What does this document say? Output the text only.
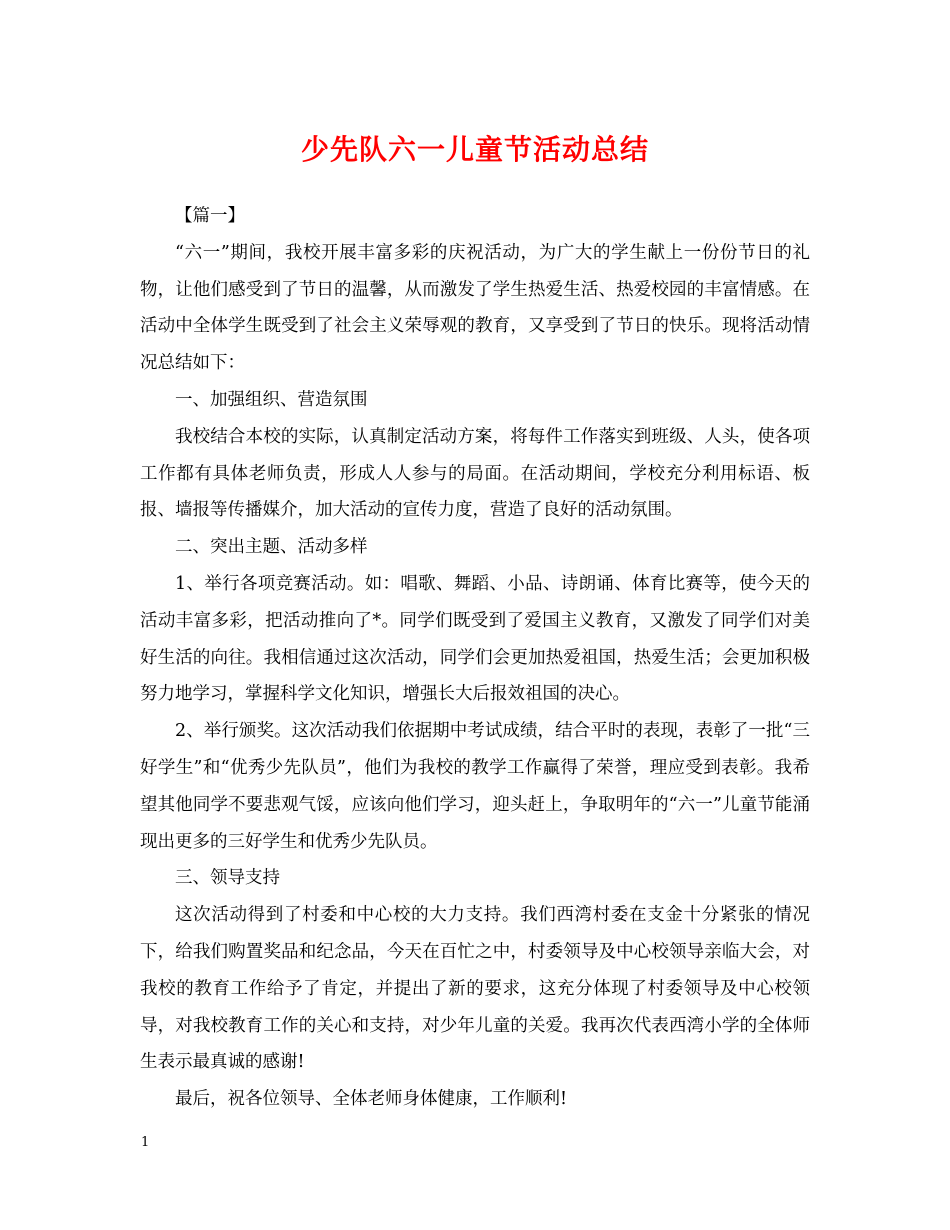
少先队六一儿童节活动总结

【篇一】

“六一”期间，我校开展丰富多彩的庆祝活动，为广大的学生献上一份份节日的礼物，让他们感受到了节日的温馨，从而激发了学生热爱生活、热爱校园的丰富情感。在活动中全体学生既受到了社会主义荣辱观的教育，又享受到了节日的快乐。现将活动情况总结如下：

一、加强组织、营造氛围

我校结合本校的实际，认真制定活动方案，将每件工作落实到班级、人头，使各项工作都有具体老师负责，形成人人参与的局面。在活动期间，学校充分利用标语、板报、墙报等传播媒介，加大活动的宣传力度，营造了良好的活动氛围。

二、突出主题、活动多样

1、举行各项竞赛活动。如：唱歌、舞蹈、小品、诗朗诵、体育比赛等，使今天的活动丰富多彩，把活动推向了*。同学们既受到了爱国主义教育，又激发了同学们对美好生活的向往。我相信通过这次活动，同学们会更加热爱祖国，热爱生活；会更加积极努力地学习，掌握科学文化知识，增强长大后报效祖国的决心。

2、举行颁奖。这次活动我们依据期中考试成绩，结合平时的表现，表彰了一批“三好学生”和“优秀少先队员”，他们为我校的教学工作赢得了荣誉，理应受到表彰。我希望其他同学不要悲观气馁，应该向他们学习，迎头赶上，争取明年的“六一”儿童节能涌现出更多的三好学生和优秀少先队员。

三、领导支持

这次活动得到了村委和中心校的大力支持。我们西湾村委在支金十分紧张的情况下，给我们购置奖品和纪念品，今天在百忙之中，村委领导及中心校领导亲临大会，对我校的教育工作给予了肯定，并提出了新的要求，这充分体现了村委领导及中心校领导，对我校教育工作的关心和支持，对少年儿童的关爱。我再次代表西湾小学的全体师生表示最真诚的感谢!

最后，祝各位领导、全体老师身体健康，工作顺利!

1
